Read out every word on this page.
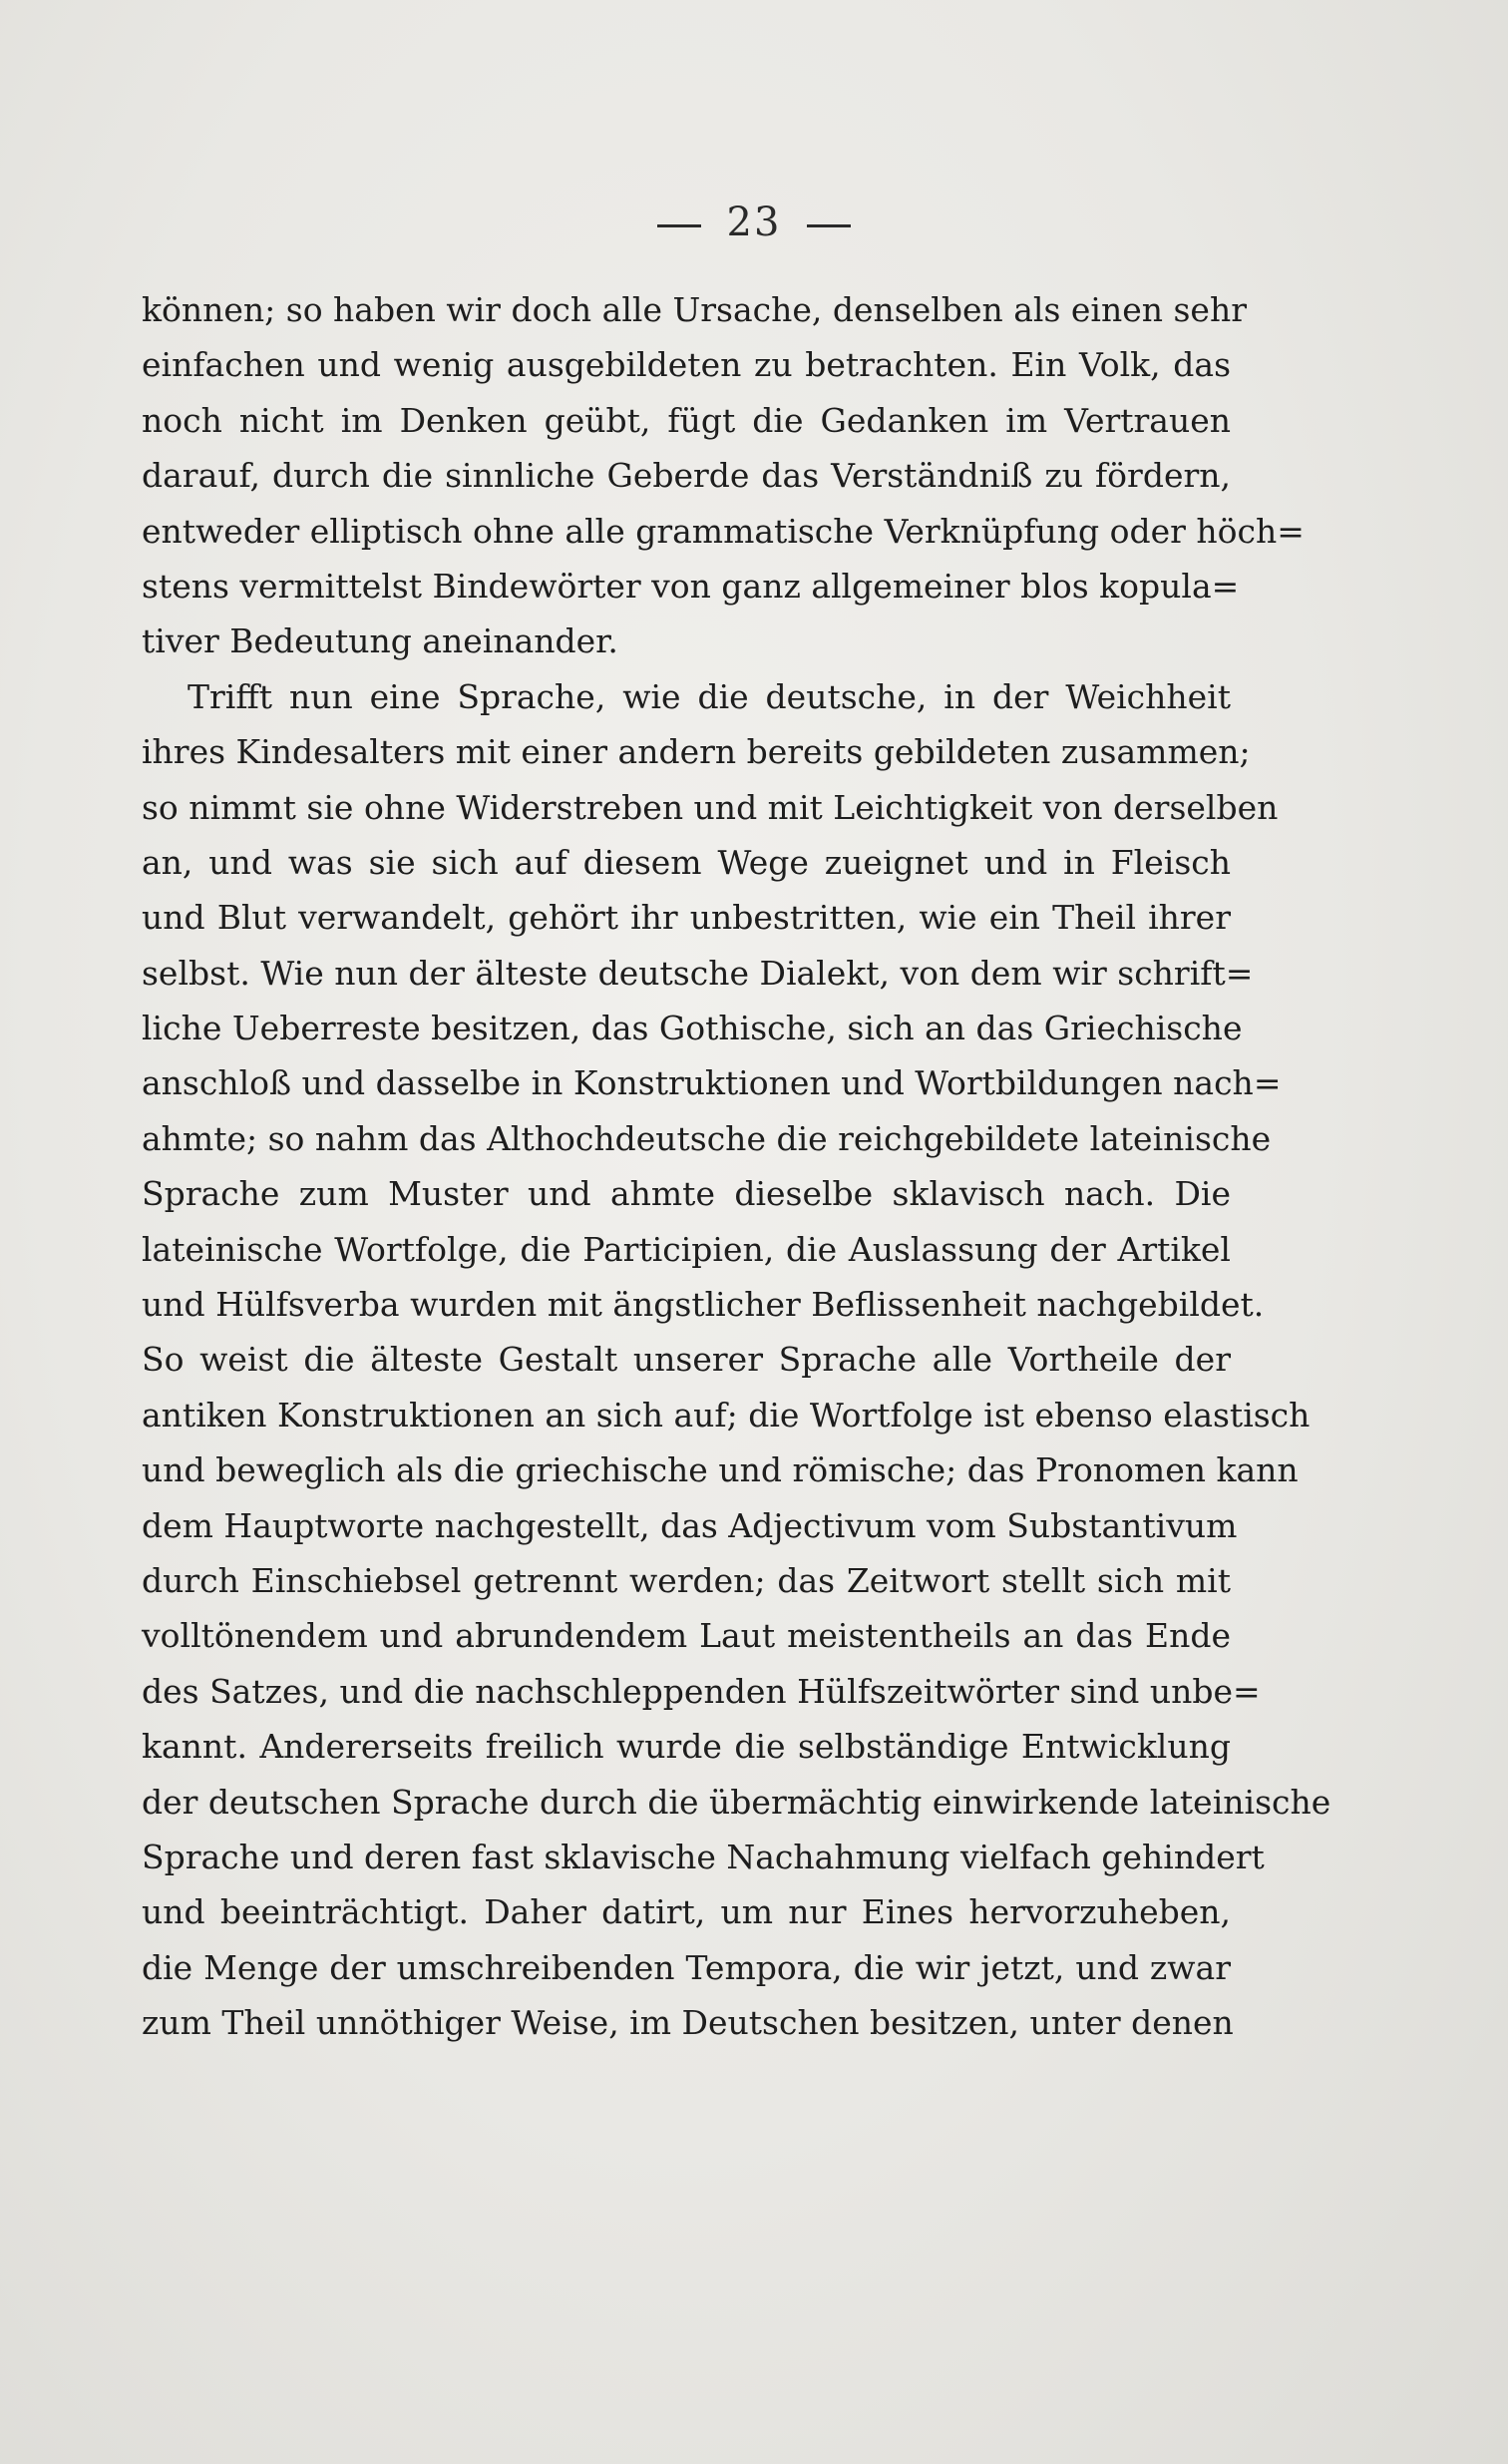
23
können; so haben wir doch alle Ursache, denselben als einen sehr
einfachen und wenig ausgebildeten zu betrachten. Ein Volk, das
noch nicht im Denken geübt, fügt die Gedanken im Vertrauen
darauf, durch die sinnliche Geberde das Verständniß zu fördern,
entweder elliptisch ohne alle grammatische Verknüpfung oder höch=
stens vermittelst Bindewörter von ganz allgemeiner blos kopula=
tiver Bedeutung aneinander.
Trifft nun eine Sprache, wie die deutsche, in der Weichheit
ihres Kindesalters mit einer andern bereits gebildeten zusammen;
so nimmt sie ohne Widerstreben und mit Leichtigkeit von derselben
an, und was sie sich auf diesem Wege zueignet und in Fleisch
und Blut verwandelt, gehört ihr unbestritten, wie ein Theil ihrer
selbst. Wie nun der älteste deutsche Dialekt, von dem wir schrift=
liche Ueberreste besitzen, das Gothische, sich an das Griechische
anschloß und dasselbe in Konstruktionen und Wortbildungen nach=
ahmte; so nahm das Althochdeutsche die reichgebildete lateinische
Sprache zum Muster und ahmte dieselbe sklavisch nach. Die
lateinische Wortfolge, die Participien, die Auslassung der Artikel
und Hülfsverba wurden mit ängstlicher Beflissenheit nachgebildet.
So weist die älteste Gestalt unserer Sprache alle Vortheile der
antiken Konstruktionen an sich auf; die Wortfolge ist ebenso elastisch
und beweglich als die griechische und römische; das Pronomen kann
dem Hauptworte nachgestellt, das Adjectivum vom Substantivum
durch Einschiebsel getrennt werden; das Zeitwort stellt sich mit
volltönendem und abrundendem Laut meistentheils an das Ende
des Satzes, und die nachschleppenden Hülfszeitwörter sind unbe=
kannt. Andererseits freilich wurde die selbständige Entwicklung
der deutschen Sprache durch die übermächtig einwirkende lateinische
Sprache und deren fast sklavische Nachahmung vielfach gehindert
und beeinträchtigt. Daher datirt, um nur Eines hervorzuheben,
die Menge der umschreibenden Tempora, die wir jetzt, und zwar
zum Theil unnöthiger Weise, im Deutschen besitzen, unter denen
